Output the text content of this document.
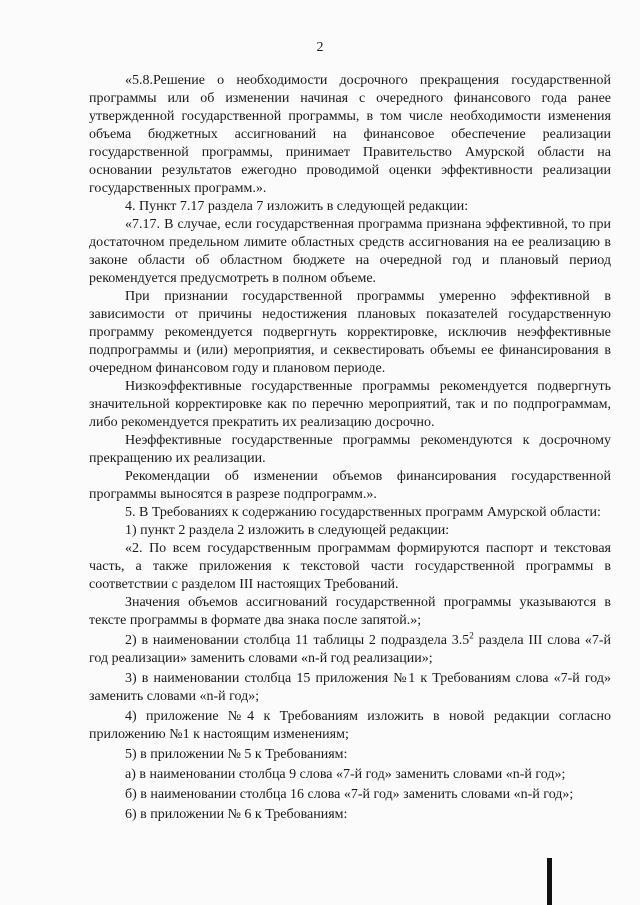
2

«5.8.Решение о необходимости досрочного прекращения государственной программы или об изменении начиная с очередного финансового года ранее утвержденной государственной программы, в том числе необходимости изменения объема бюджетных ассигнований на финансовое обеспечение реализации государственной программы, принимает Правительство Амурской области на основании результатов ежегодно проводимой оценки эффективности реализации государственных программ.».

4. Пункт 7.17 раздела 7 изложить в следующей редакции:

«7.17. В случае, если государственная программа признана эффективной, то при достаточном предельном лимите областных средств ассигнования на ее реализацию в законе области об областном бюджете на очередной год и плановый период рекомендуется предусмотреть в полном объеме.

При признании государственной программы умеренно эффективной в зависимости от причины недостижения плановых показателей государственную программу рекомендуется подвергнуть корректировке, исключив неэффективные подпрограммы и (или) мероприятия, и секвестировать объемы ее финансирования в очередном финансовом году и плановом периоде.

Низкоэффективные государственные программы рекомендуется подвергнуть значительной корректировке как по перечню мероприятий, так и по подпрограммам, либо рекомендуется прекратить их реализацию досрочно.

Неэффективные государственные программы рекомендуются к досрочному прекращению их реализации.

Рекомендации об изменении объемов финансирования государственной программы выносятся в разрезе подпрограмм.».

5. В Требованиях к содержанию государственных программ Амурской области:

1) пункт 2 раздела 2 изложить в следующей редакции:

«2. По всем государственным программам формируются паспорт и текстовая часть, а также приложения к текстовой части государственной программы в соответствии с разделом III настоящих Требований.

Значения объемов ассигнований государственной программы указываются в тексте программы в формате два знака после запятой.»;

2) в наименовании столбца 11 таблицы 2 подраздела $3.5^2$ раздела III слова «7-й год реализации» заменить словами «n-й год реализации»;

3) в наименовании столбца 15 приложения №1 к Требованиям слова «7-й год» заменить словами «n-й год»;

4) приложение №4 к Требованиям изложить в новой редакции согласно приложению №1 к настоящим изменениям;

5) в приложении № 5 к Требованиям:

а) в наименовании столбца 9 слова «7-й год» заменить словами «n-й год»;

б) в наименовании столбца 16 слова «7-й год» заменить словами «n-й год»;

6) в приложении № 6 к Требованиям:
